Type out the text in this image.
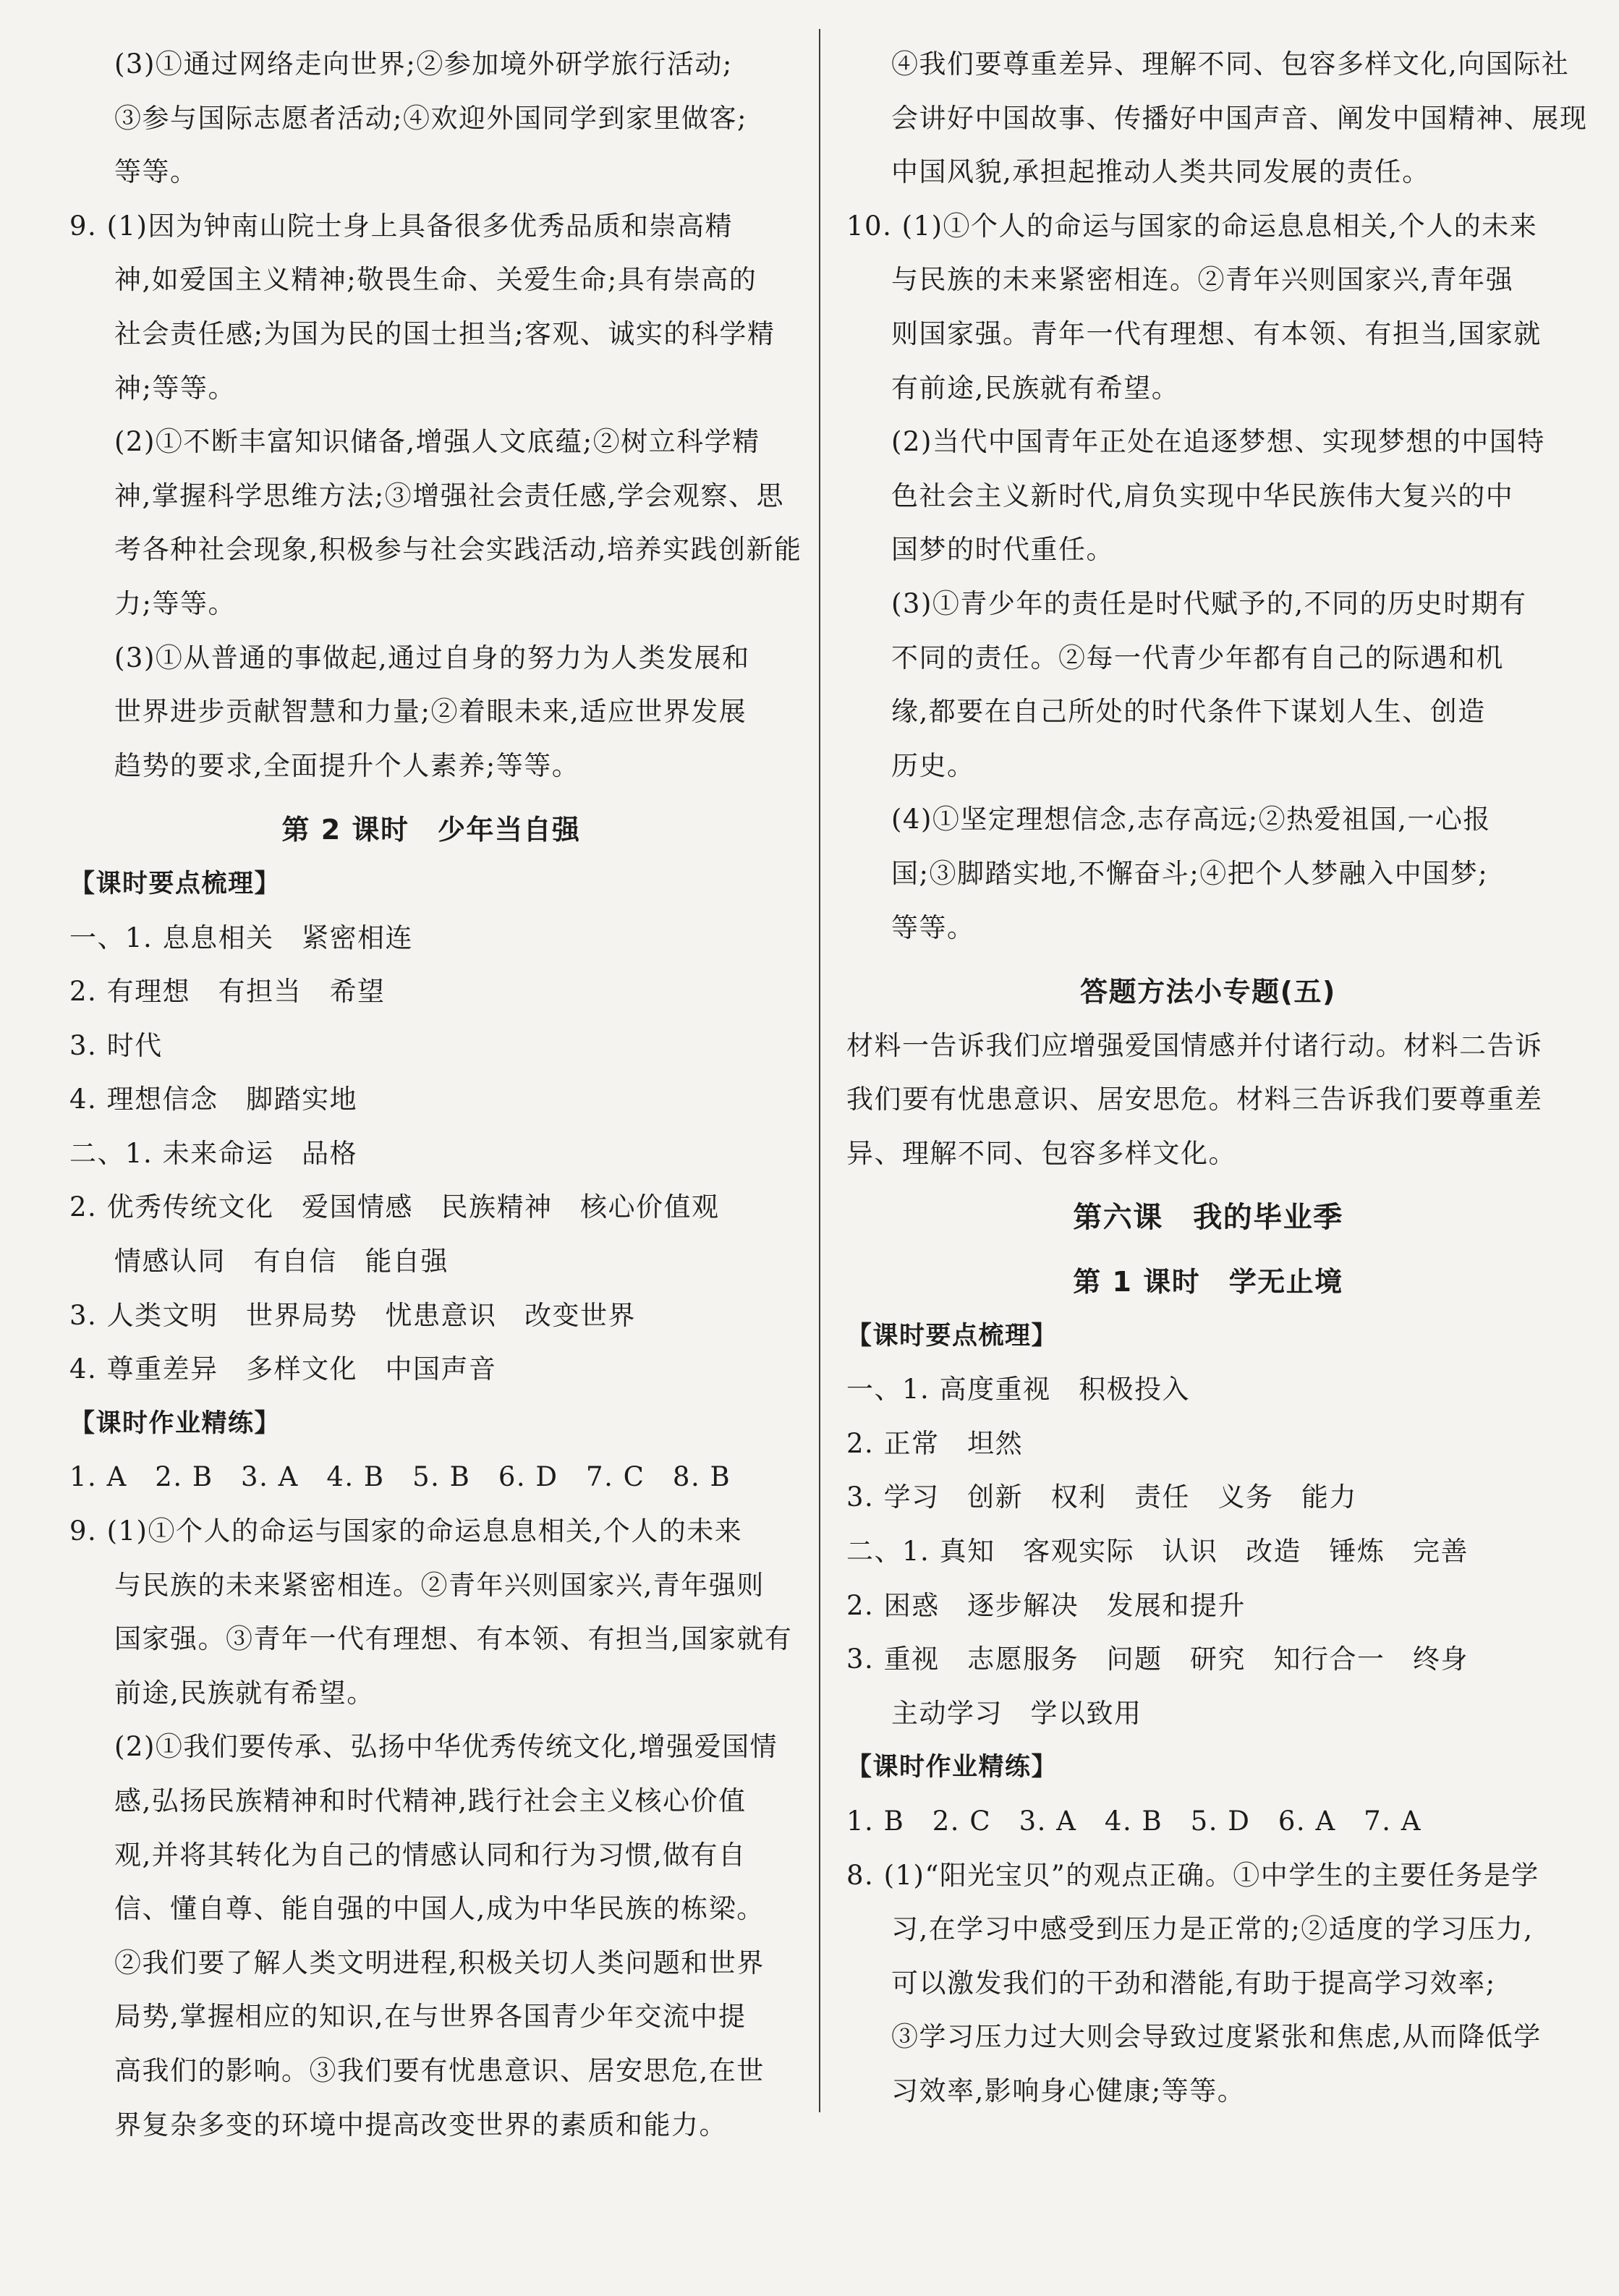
(3)①通过网络走向世界;②参加境外研学旅行活动;
③参与国际志愿者活动;④欢迎外国同学到家里做客;
等等。
9. (1)因为钟南山院士身上具备很多优秀品质和崇高精
神,如爱国主义精神;敬畏生命、关爱生命;具有崇高的
社会责任感;为国为民的国士担当;客观、诚实的科学精
神;等等。
(2)①不断丰富知识储备,增强人文底蕴;②树立科学精
神,掌握科学思维方法;③增强社会责任感,学会观察、思
考各种社会现象,积极参与社会实践活动,培养实践创新能
力;等等。
(3)①从普通的事做起,通过自身的努力为人类发展和
世界进步贡献智慧和力量;②着眼未来,适应世界发展
趋势的要求,全面提升个人素养;等等。
第 2 课时　少年当自强
【课时要点梳理】
一、1. 息息相关　紧密相连
2. 有理想　有担当　希望
3. 时代
4. 理想信念　脚踏实地
二、1. 未来命运　品格
2. 优秀传统文化　爱国情感　民族精神　核心价值观
情感认同　有自信　能自强
3. 人类文明　世界局势　忧患意识　改变世界
4. 尊重差异　多样文化　中国声音
【课时作业精练】
1. A　2. B　3. A　4. B　5. B　6. D　7. C　8. B
9. (1)①个人的命运与国家的命运息息相关,个人的未来
与民族的未来紧密相连。②青年兴则国家兴,青年强则
国家强。③青年一代有理想、有本领、有担当,国家就有
前途,民族就有希望。
(2)①我们要传承、弘扬中华优秀传统文化,增强爱国情
感,弘扬民族精神和时代精神,践行社会主义核心价值
观,并将其转化为自己的情感认同和行为习惯,做有自
信、懂自尊、能自强的中国人,成为中华民族的栋梁。
②我们要了解人类文明进程,积极关切人类问题和世界
局势,掌握相应的知识,在与世界各国青少年交流中提
高我们的影响。③我们要有忧患意识、居安思危,在世
界复杂多变的环境中提高改变世界的素质和能力。
④我们要尊重差异、理解不同、包容多样文化,向国际社
会讲好中国故事、传播好中国声音、阐发中国精神、展现
中国风貌,承担起推动人类共同发展的责任。
10. (1)①个人的命运与国家的命运息息相关,个人的未来
与民族的未来紧密相连。②青年兴则国家兴,青年强
则国家强。青年一代有理想、有本领、有担当,国家就
有前途,民族就有希望。
(2)当代中国青年正处在追逐梦想、实现梦想的中国特
色社会主义新时代,肩负实现中华民族伟大复兴的中
国梦的时代重任。
(3)①青少年的责任是时代赋予的,不同的历史时期有
不同的责任。②每一代青少年都有自己的际遇和机
缘,都要在自己所处的时代条件下谋划人生、创造
历史。
(4)①坚定理想信念,志存高远;②热爱祖国,一心报
国;③脚踏实地,不懈奋斗;④把个人梦融入中国梦;
等等。
答题方法小专题(五)
材料一告诉我们应增强爱国情感并付诸行动。材料二告诉
我们要有忧患意识、居安思危。材料三告诉我们要尊重差
异、理解不同、包容多样文化。
第六课　我的毕业季
第 1 课时　学无止境
【课时要点梳理】
一、1. 高度重视　积极投入
2. 正常　坦然
3. 学习　创新　权利　责任　义务　能力
二、1. 真知　客观实际　认识　改造　锤炼　完善
2. 困惑　逐步解决　发展和提升
3. 重视　志愿服务　问题　研究　知行合一　终身
主动学习　学以致用
【课时作业精练】
1. B　2. C　3. A　4. B　5. D　6. A　7. A
8. (1)“阳光宝贝”的观点正确。①中学生的主要任务是学
习,在学习中感受到压力是正常的;②适度的学习压力,
可以激发我们的干劲和潜能,有助于提高学习效率;
③学习压力过大则会导致过度紧张和焦虑,从而降低学
习效率,影响身心健康;等等。
